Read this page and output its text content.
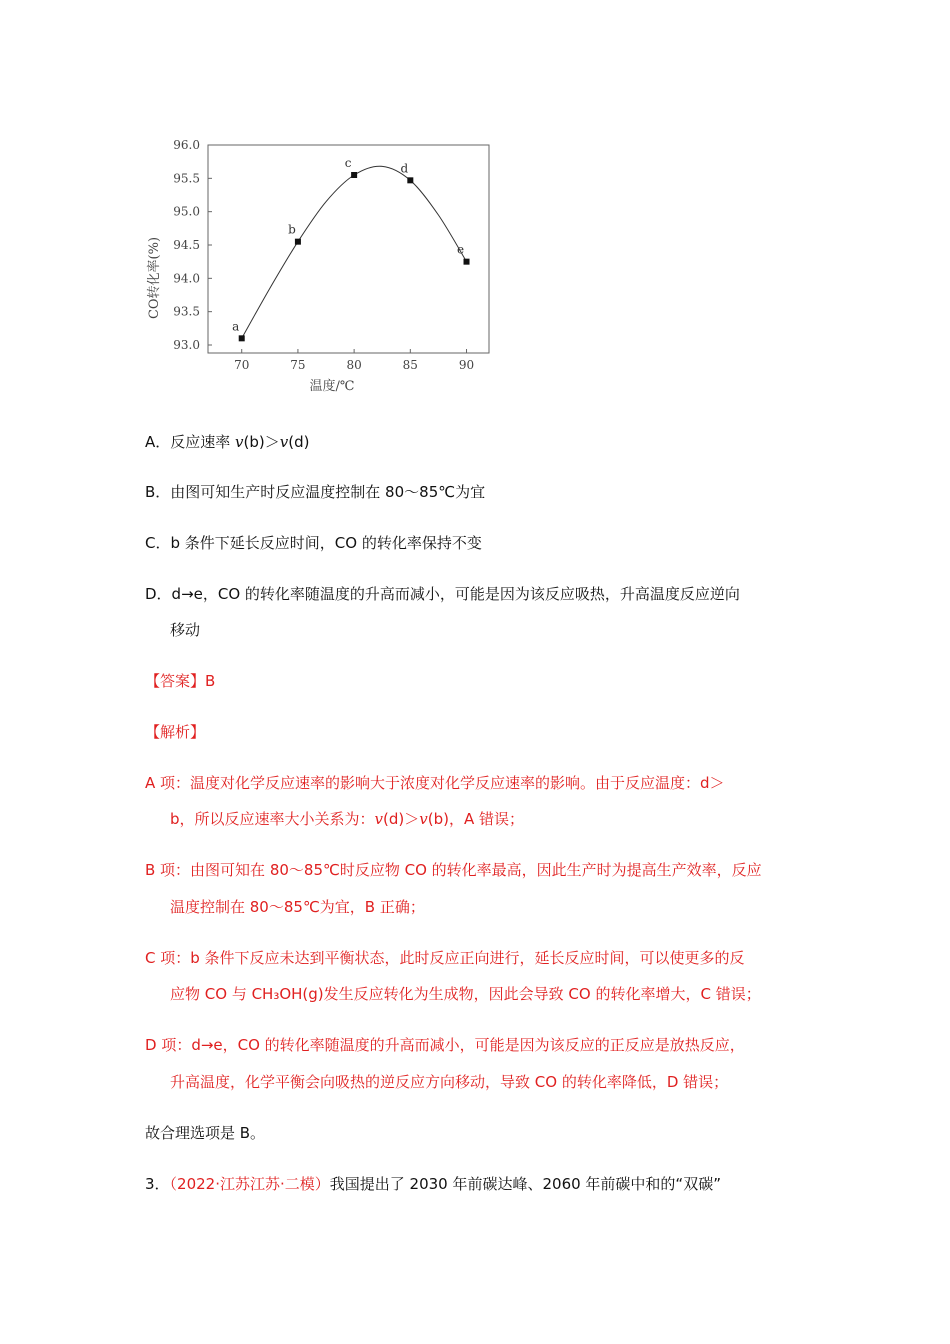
a
b
c	d
e
70	75	80	85	90
93.0
93.5
94.0
94.5
95.0
95.5
96.0
温度/℃
CO转化率(%)
A．反应速率 v(b)＞v(d)
B．由图可知生产时反应温度控制在 80～85℃为宜
C．b 条件下延长反应时间，CO 的转化率保持不变
D．d→e，CO 的转化率随温度的升高而减小，可能是因为该反应吸热，升高温度反应逆向
移动
【答案】B
【解析】
A 项：温度对化学反应速率的影响大于浓度对化学反应速率的影响。由于反应温度：d＞
b，所以反应速率大小关系为：v(d)＞v(b)，A 错误；
B 项：由图可知在 80～85℃时反应物 CO 的转化率最高，因此生产时为提高生产效率，反应
温度控制在 80～85℃为宜，B 正确；
C 项：b 条件下反应未达到平衡状态，此时反应正向进行，延长反应时间，可以使更多的反
应物 CO 与 CH₃OH(g)发生反应转化为生成物，因此会导致 CO 的转化率增大，C 错误；
D 项：d→e，CO 的转化率随温度的升高而减小，可能是因为该反应的正反应是放热反应，
升高温度，化学平衡会向吸热的逆反应方向移动，导致 CO 的转化率降低，D 错误；
故合理选项是 B。
3．（2022·江苏江苏·二模）我国提出了 2030 年前碳达峰、2060 年前碳中和的“双碳”
